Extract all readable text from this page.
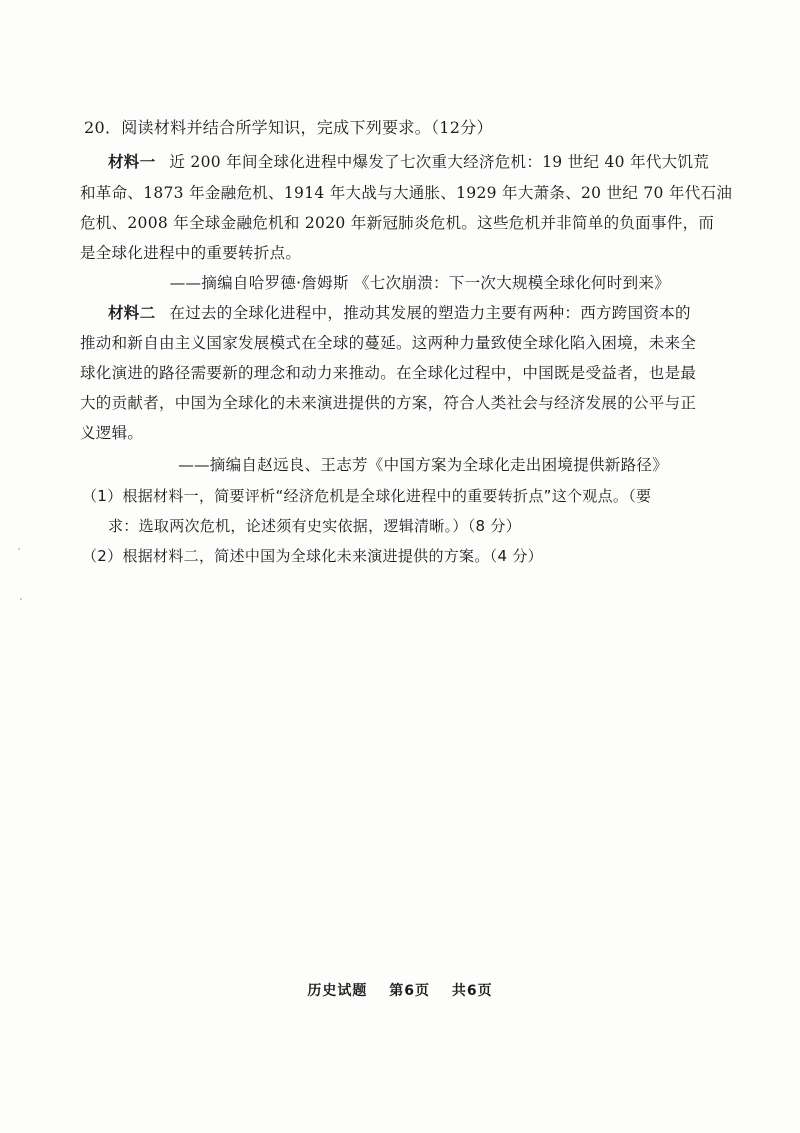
20．阅读材料并结合所学知识，完成下列要求。（12分）
材料一 近 200 年间全球化进程中爆发了七次重大经济危机：19 世纪 40 年代大饥荒
和革命、1873 年金融危机、1914 年大战与大通胀、1929 年大萧条、20 世纪 70 年代石油
危机、2008 年全球金融危机和 2020 年新冠肺炎危机。这些危机并非简单的负面事件，而
是全球化进程中的重要转折点。
——摘编自哈罗德·詹姆斯 《七次崩溃：下一次大规模全球化何时到来》
材料二 在过去的全球化进程中，推动其发展的塑造力主要有两种：西方跨国资本的
推动和新自由主义国家发展模式在全球的蔓延。这两种力量致使全球化陷入困境，未来全
球化演进的路径需要新的理念和动力来推动。在全球化过程中，中国既是受益者，也是最
大的贡献者，中国为全球化的未来演进提供的方案，符合人类社会与经济发展的公平与正
义逻辑。
——摘编自赵远良、王志芳《中国方案为全球化走出困境提供新路径》
（1）根据材料一，简要评析“经济危机是全球化进程中的重要转折点”这个观点。（要
求：选取两次危机，论述须有史实依据，逻辑清晰。）（8 分）
（2）根据材料二，简述中国为全球化未来演进提供的方案。（4 分）
历史试题 第6页 共6页
